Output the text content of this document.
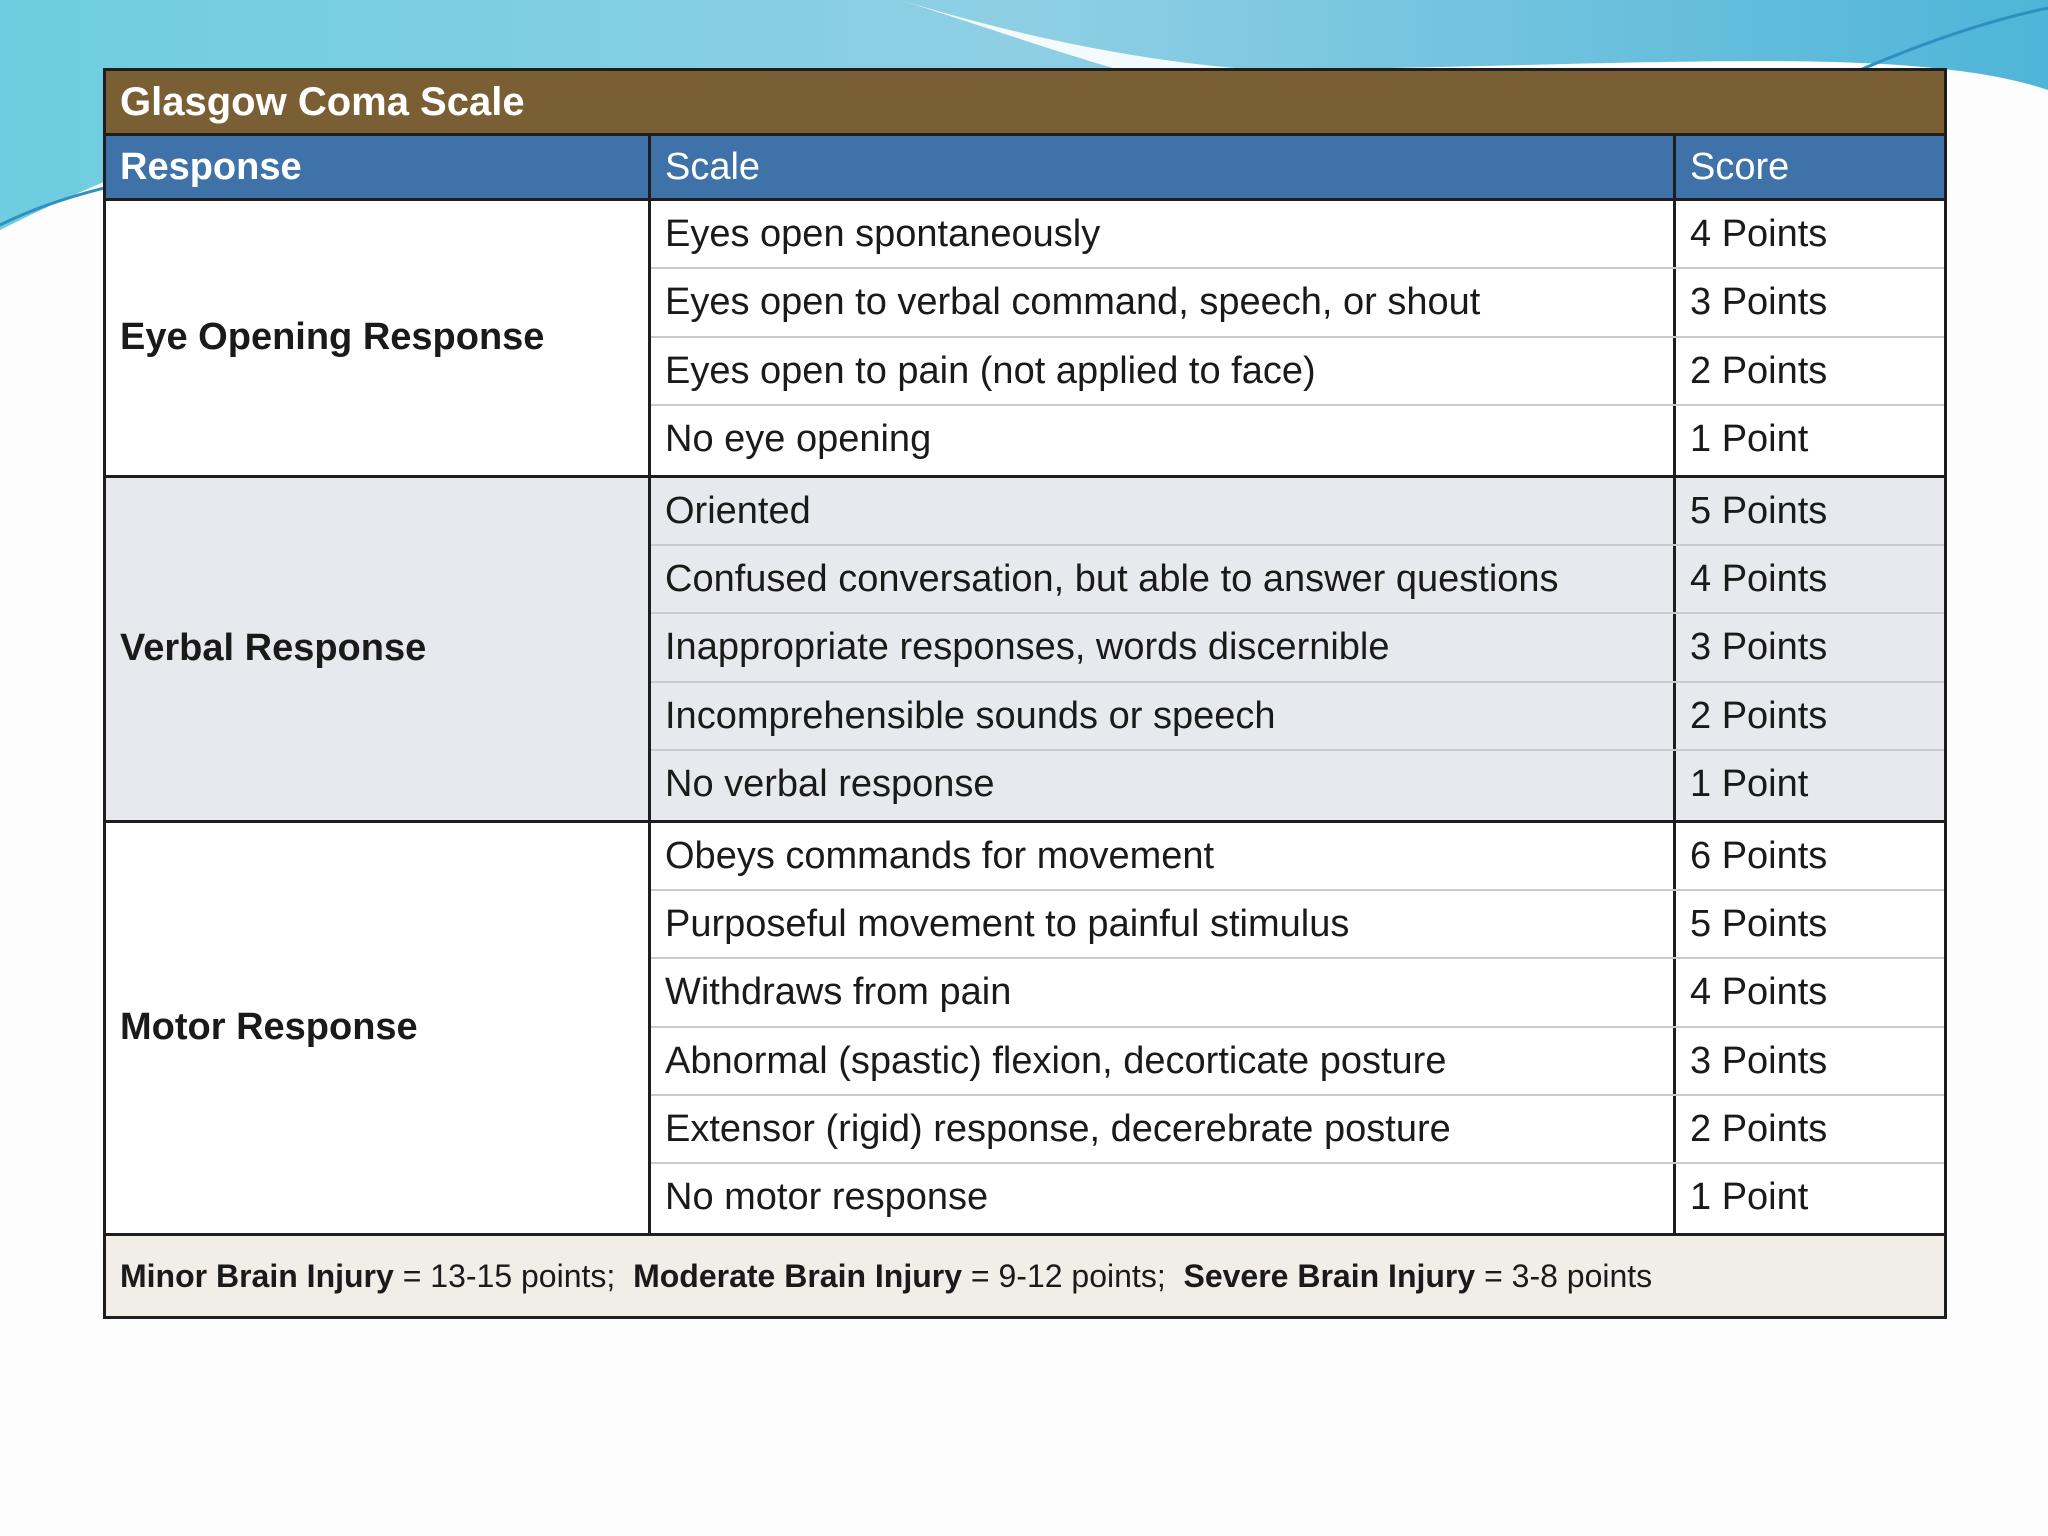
Glasgow Coma Scale
Response	Scale	Score
Eye Opening Response
Eyes open spontaneously	4 Points
Eyes open to verbal command, speech, or shout	3 Points
Eyes open to pain (not applied to face)	2 Points
No eye opening	1 Point
Verbal Response
Oriented	5 Points
Confused conversation, but able to answer questions	4 Points
Inappropriate responses, words discernible	3 Points
Incomprehensible sounds or speech	2 Points
No verbal response	1 Point
Motor Response
Obeys commands for movement	6 Points
Purposeful movement to painful stimulus	5 Points
Withdraws from pain	4 Points
Abnormal (spastic) flexion, decorticate posture	3 Points
Extensor (rigid) response, decerebrate posture	2 Points
No motor response	1 Point
Minor Brain Injury = 13-15 points;  Moderate Brain Injury = 9-12 points;  Severe Brain Injury = 3-8 points
